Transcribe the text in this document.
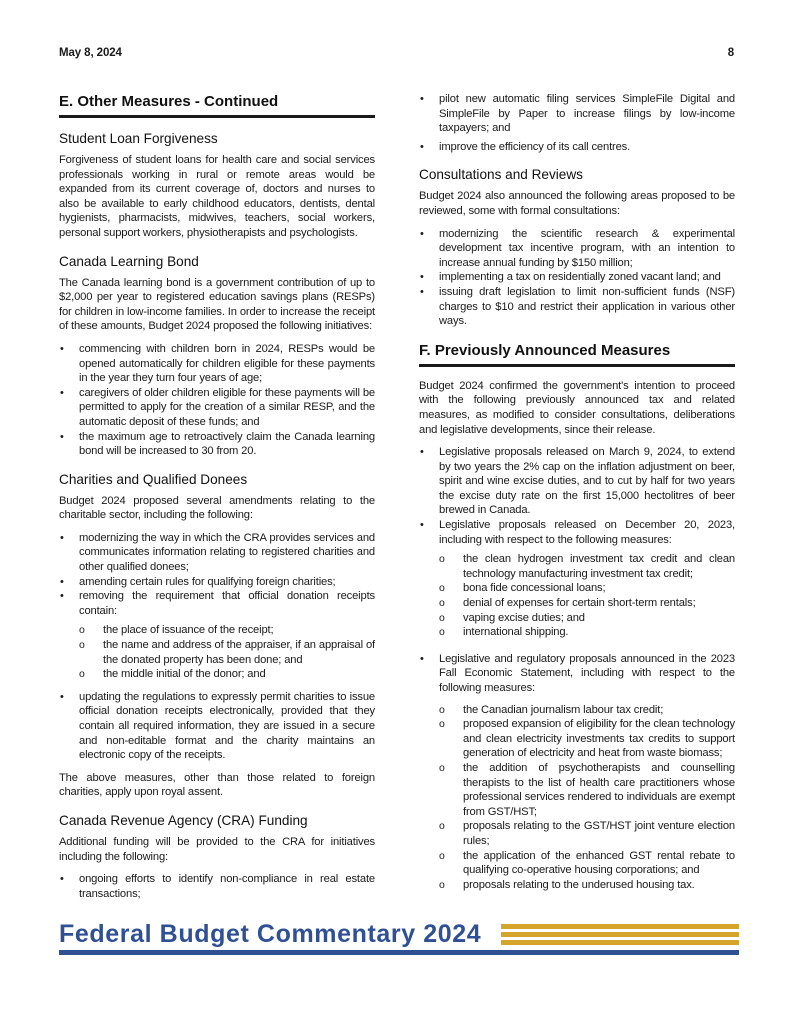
May 8, 2024	8
E. Other Measures - Continued
Student Loan Forgiveness

Forgiveness of student loans for health care and social services professionals working in rural or remote areas would be expanded from its current coverage of, doctors and nurses to also be available to early childhood educators, dentists, dental hygienists, pharmacists, midwives, teachers, social workers, personal support workers, physiotherapists and psychologists.

Canada Learning Bond

The Canada learning bond is a government contribution of up to $2,000 per year to registered education savings plans (RESPs) for children in low-income families. In order to increase the receipt of these amounts, Budget 2024 proposed the following initiatives:

• commencing with children born in 2024, RESPs would be opened automatically for children eligible for these payments in the year they turn four years of age;
• caregivers of older children eligible for these payments will be permitted to apply for the creation of a similar RESP, and the automatic deposit of these funds; and
• the maximum age to retroactively claim the Canada learning bond will be increased to 30 from 20.
Charities and Qualified Donees

Budget 2024 proposed several amendments relating to the charitable sector, including the following:

• modernizing the way in which the CRA provides services and communicates information relating to registered charities and other qualified donees;
• amending certain rules for qualifying foreign charities;
• removing the requirement that official donation receipts contain:
o the place of issuance of the receipt;
o the name and address of the appraiser, if an appraisal of the donated property has been done; and
o the middle initial of the donor; and
• updating the regulations to expressly permit charities to issue official donation receipts electronically, provided that they contain all required information, they are issued in a secure and non-editable format and the charity maintains an electronic copy of the receipts.

The above measures, other than those related to foreign charities, apply upon royal assent.

Canada Revenue Agency (CRA) Funding

Additional funding will be provided to the CRA for initiatives including the following:

• ongoing efforts to identify non-compliance in real estate transactions;
• pilot new automatic filing services SimpleFile Digital and SimpleFile by Paper to increase filings by low-income taxpayers; and
• improve the efficiency of its call centres.
Consultations and Reviews

Budget 2024 also announced the following areas proposed to be reviewed, some with formal consultations:

• modernizing the scientific research & experimental development tax incentive program, with an intention to increase annual funding by $150 million;
• implementing a tax on residentially zoned vacant land; and
• issuing draft legislation to limit non-sufficient funds (NSF) charges to $10 and restrict their application in various other ways.
F. Previously Announced Measures

Budget 2024 confirmed the government's intention to proceed with the following previously announced tax and related measures, as modified to consider consultations, deliberations and legislative developments, since their release.

• Legislative proposals released on March 9, 2024, to extend by two years the 2% cap on the inflation adjustment on beer, spirit and wine excise duties, and to cut by half for two years the excise duty rate on the first 15,000 hectolitres of beer brewed in Canada.
• Legislative proposals released on December 20, 2023, including with respect to the following measures:
o the clean hydrogen investment tax credit and clean technology manufacturing investment tax credit;
o bona fide concessional loans;
o denial of expenses for certain short-term rentals;
o vaping excise duties; and
o international shipping.
• Legislative and regulatory proposals announced in the 2023 Fall Economic Statement, including with respect to the following measures:
o the Canadian journalism labour tax credit;
o proposed expansion of eligibility for the clean technology and clean electricity investments tax credits to support generation of electricity and heat from waste biomass;
o the addition of psychotherapists and counselling therapists to the list of health care practitioners whose professional services rendered to individuals are exempt from GST/HST;
o proposals relating to the GST/HST joint venture election rules;
o the application of the enhanced GST rental rebate to qualifying co-operative housing corporations; and
o proposals relating to the underused housing tax.
Federal Budget Commentary 2024
